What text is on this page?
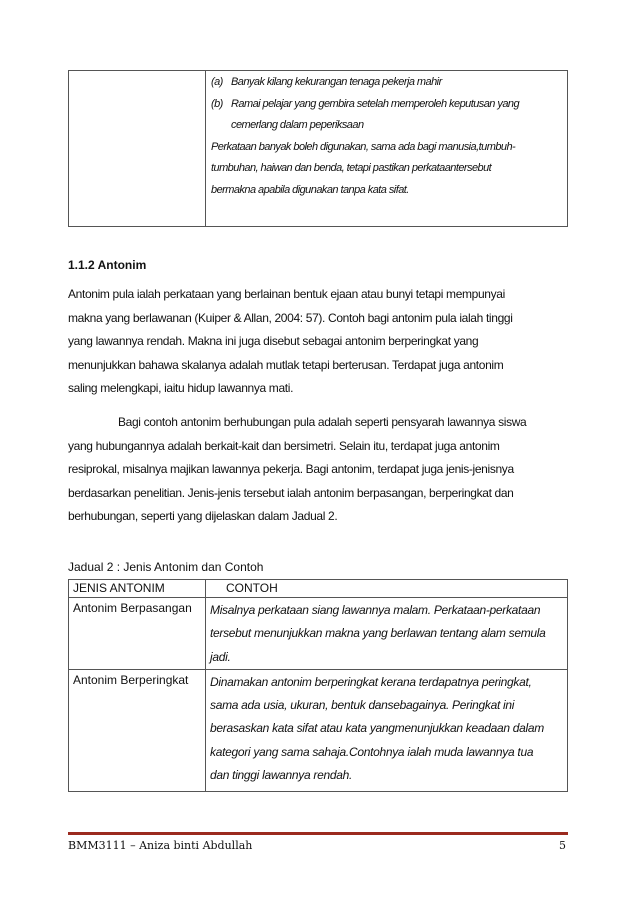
(a) Banyak kilang kekurangan tenaga pekerja mahir
(b) Ramai pelajar yang gembira setelah memperoleh keputusan yang
cemerlang dalam peperiksaan
Perkataan banyak boleh digunakan, sama ada bagi manusia,tumbuh-
tumbuhan, haiwan dan benda, tetapi pastikan perkataantersebut
bermakna apabila digunakan tanpa kata sifat.
1.1.2 Antonim
Antonim pula ialah perkataan yang berlainan bentuk ejaan atau bunyi tetapi mempunyai
makna yang berlawanan (Kuiper & Allan, 2004: 57). Contoh bagi antonim pula ialah tinggi
yang lawannya rendah. Makna ini juga disebut sebagai antonim berperingkat yang
menunjukkan bahawa skalanya adalah mutlak tetapi berterusan. Terdapat juga antonim
saling melengkapi, iaitu hidup lawannya mati.
Bagi contoh antonim berhubungan pula adalah seperti pensyarah lawannya siswa
yang hubungannya adalah berkait-kait dan bersimetri. Selain itu, terdapat juga antonim
resiprokal, misalnya majikan lawannya pekerja. Bagi antonim, terdapat juga jenis-jenisnya
berdasarkan penelitian. Jenis-jenis tersebut ialah antonim berpasangan, berperingkat dan
berhubungan, seperti yang dijelaskan dalam Jadual 2.
Jadual 2 : Jenis Antonim dan Contoh
JENIS ANTONIM	CONTOH
Antonim Berpasangan	Misalnya perkataan siang lawannya malam. Perkataan-perkataan
tersebut menunjukkan makna yang berlawan tentang alam semula
jadi.

Antonim Berperingkat	Dinamakan antonim berperingkat kerana terdapatnya peringkat,
sama ada usia, ukuran, bentuk dansebagainya. Peringkat ini
berasaskan kata sifat atau kata yangmenunjukkan keadaan dalam
kategori yang sama sahaja.Contohnya ialah muda lawannya tua
dan tinggi lawannya rendah.
BMM3111 – Aniza binti Abdullah	5
